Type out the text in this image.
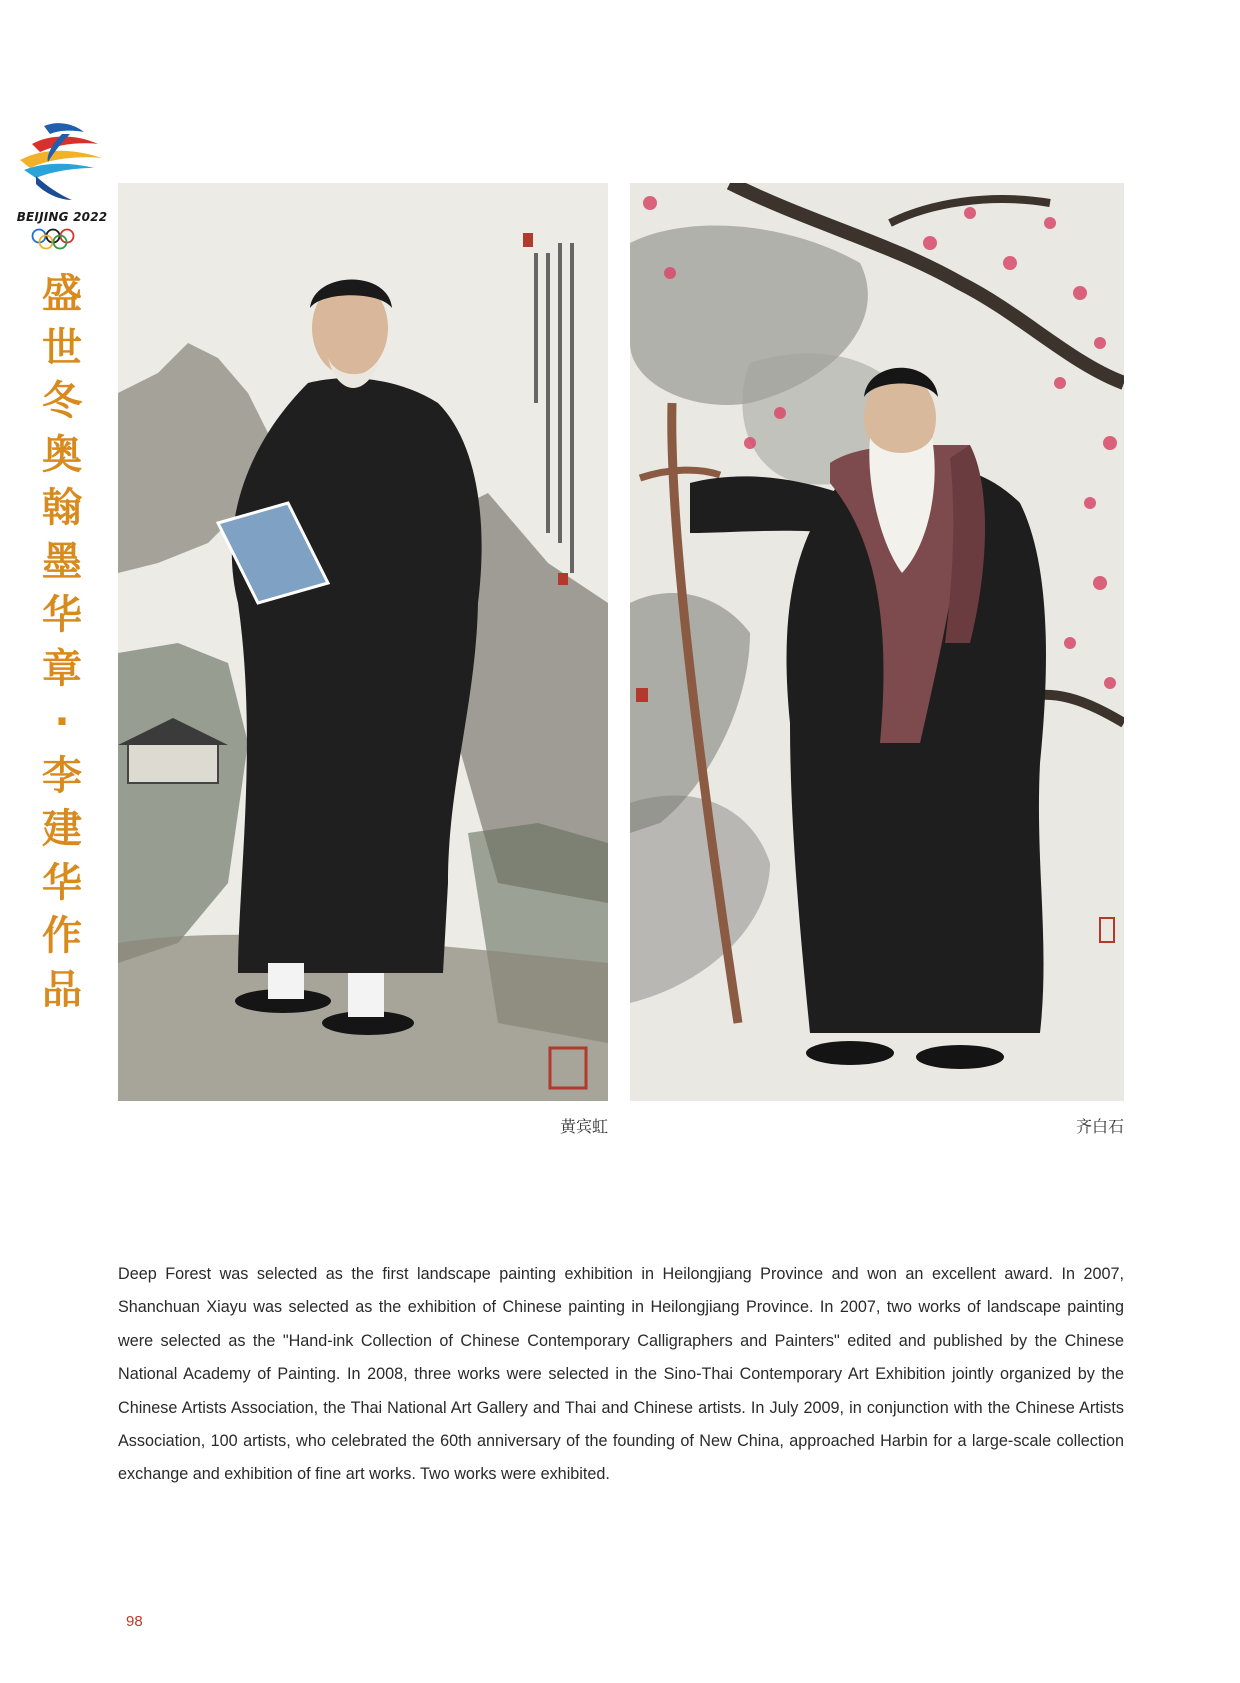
BEIJING 2022
盛
世
冬
奥
翰
墨
华
章
·
李
建
华
作
品
黄宾虹	齐白石

Deep Forest was selected as the first landscape painting exhibition in Heilongjiang Province and won an excellent award. In 2007, Shanchuan Xiayu was selected as the exhibition of Chinese painting in Heilongjiang Province. In 2007, two works of landscape painting were selected as the "Hand-ink Collection of Chinese Contemporary Calligraphers and Painters" edited and published by the Chinese National Academy of Painting. In 2008, three works were selected in the Sino-Thai Contemporary Art Exhibition jointly organized by the Chinese Artists Association, the Thai National Art Gallery and Thai and Chinese artists. In July 2009, in conjunction with the Chinese Artists Association, 100 artists, who celebrated the 60th anniversary of the founding of New China, approached Harbin for a large-scale collection exchange and exhibition of fine art works. Two works were exhibited.

98
